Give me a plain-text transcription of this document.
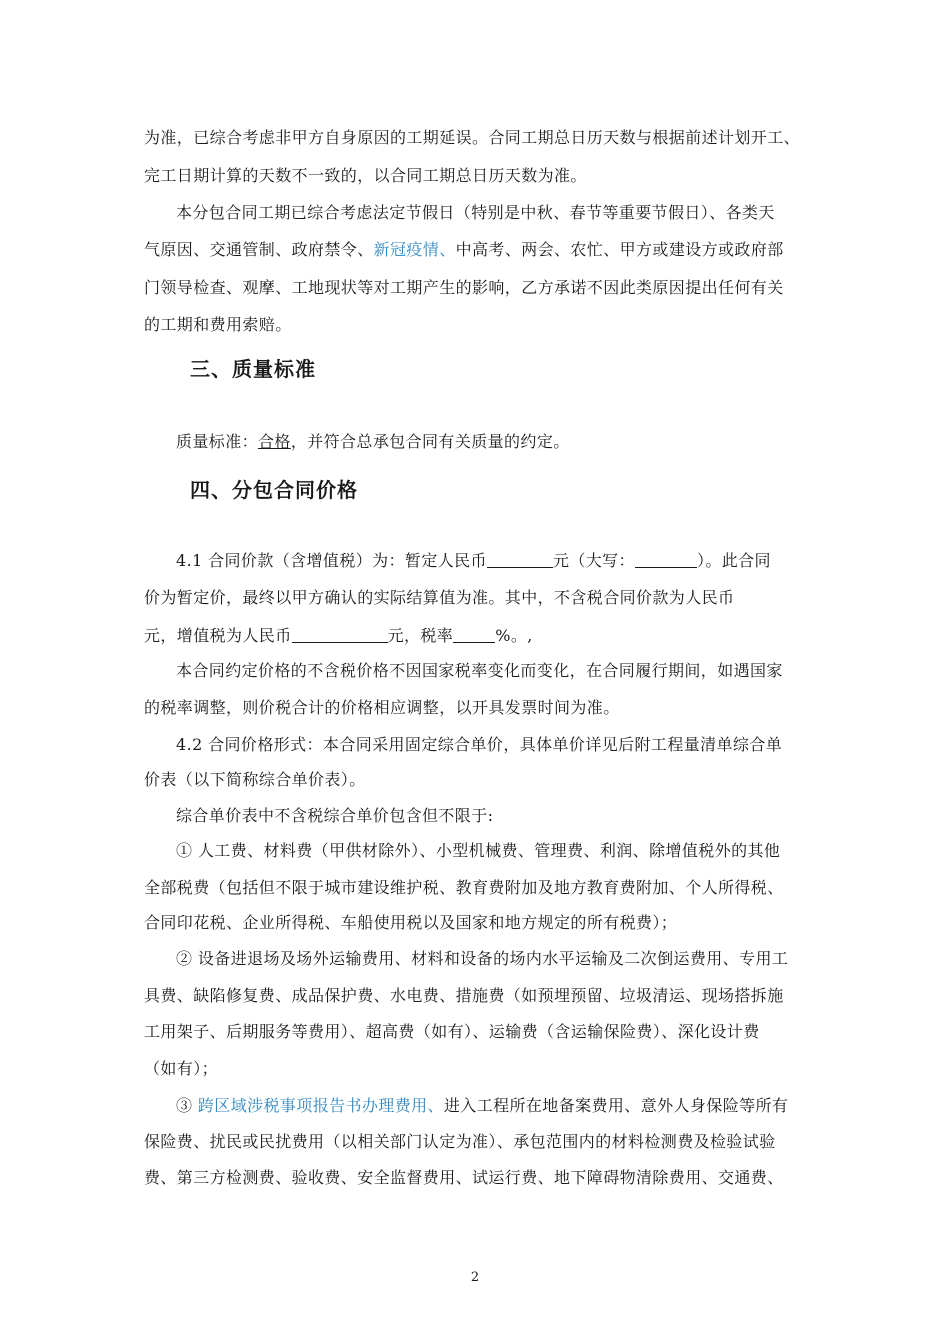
为准，已综合考虑非甲方自身原因的工期延误。合同工期总日历天数与根据前述计划开工、
完工日期计算的天数不一致的，以合同工期总日历天数为准。
本分包合同工期已综合考虑法定节假日（特别是中秋、春节等重要节假日）、各类天
气原因、交通管制、政府禁令、新冠疫情、中高考、两会、农忙、甲方或建设方或政府部
门领导检查、观摩、工地现状等对工期产生的影响，乙方承诺不因此类原因提出任何有关
的工期和费用索赔。
三、质量标准
质量标准：合格，并符合总承包合同有关质量的约定。
四、分包合同价格
4.1 合同价款（含增值税）为：暂定人民币	元（大写：	）。此合同
价为暂定价，最终以甲方确认的实际结算值为准。其中，不含税合同价款为人民币
元，增值税为人民币	元，税率	%。,
本合同约定价格的不含税价格不因国家税率变化而变化，在合同履行期间，如遇国家
的税率调整，则价税合计的价格相应调整，以开具发票时间为准。
4.2 合同价格形式：本合同采用固定综合单价，具体单价详见后附工程量清单综合单
价表（以下简称综合单价表）。
综合单价表中不含税综合单价包含但不限于:
① 人工费、材料费（甲供材除外）、小型机械费、管理费、利润、除增值税外的其他
全部税费（包括但不限于城市建设维护税、教育费附加及地方教育费附加、个人所得税、
合同印花税、企业所得税、车船使用税以及国家和地方规定的所有税费）；
② 设备进退场及场外运输费用、材料和设备的场内水平运输及二次倒运费用、专用工
具费、缺陷修复费、成品保护费、水电费、措施费（如预埋预留、垃圾清运、现场搭拆施
工用架子、后期服务等费用）、超高费（如有）、运输费（含运输保险费）、深化设计费
（如有）；
③ 跨区域涉税事项报告书办理费用、进入工程所在地备案费用、意外人身保险等所有
保险费、扰民或民扰费用（以相关部门认定为准）、承包范围内的材料检测费及检验试验
费、第三方检测费、验收费、安全监督费用、试运行费、地下障碍物清除费用、交通费、
2
